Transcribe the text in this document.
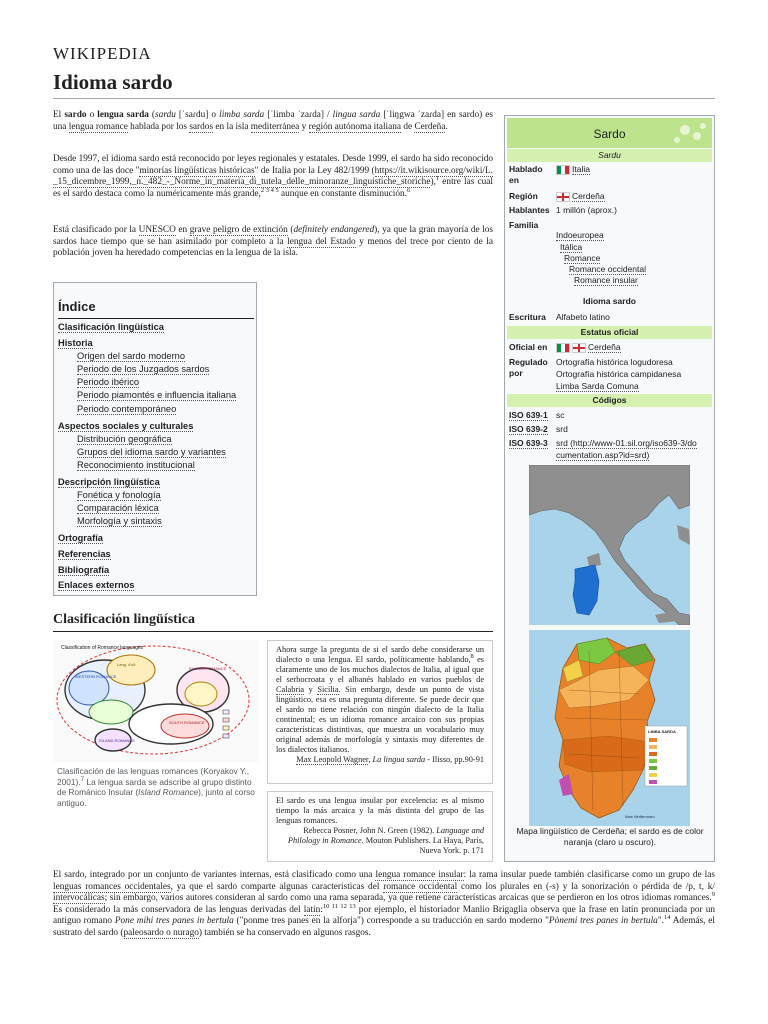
WIKIPEDIA
Idioma sardo
El sardo o lengua sarda (sardu [ˈsaɾdu] o limba sarda [ˈlimba ˈzaɾda] / lingua sarda [ˈliŋgwa ˈzaɾda] en sardo) es una lengua romance hablada por los sardos en la isla mediterránea y región autónoma italiana de Cerdeña.
Desde 1997, el idioma sardo está reconocido por leyes regionales y estatales. Desde 1999, el sardo ha sido reconocido como una de las doce "minorías lingüísticas históricas" de Italia por la Ley 482/1999 (https://it.wikisource.org/wiki/L._15_dicembre_1999,_n._482_-_Norme_in_materia_di_tutela_delle_minoranze_linguistiche_storiche),$^1$ entre las cuales el sardo destaca como la numéricamente más grande,$^{2 3 4 5}$ aunque en constante disminución.$^6$
Está clasificado por la UNESCO en grave peligro de extinción (definitely endangered), ya que la gran mayoría de los sardos hace tiempo que se han asimilado por completo a la lengua del Estado y menos del trece por ciento de la población joven ha heredado competencias en la lengua de la isla.
Índice
Clasificación lingüística
Historia
Origen del sardo moderno
Periodo de los Juzgados sardos
Periodo ibérico
Periodo piamontés e influencia italiana
Periodo contemporáneo
Aspectos sociales y culturales
Distribución geográfica
Grupos del idioma sardo y variantes
Reconocimiento institucional
Descripción lingüística
Fonética y fonología
Comparación léxica
Morfología y sintaxis
Ortografía
Referencias
Bibliografía
Enlaces externos
Clasificación lingüística
Classification of Romance languages
WESTERN ROMANCE
Lang. d'oïl
BALKAN ROMANCE
ISLAND ROMANCE
SOUTH ROMANCE
Clasificación de las lenguas romances (Koryakov Y., 2001).$^7$ La lengua sarda se adscribe al grupo distinto de Románico Insular (Island Romance), junto al corso antiguo.

Ahora surge la pregunta de si el sardo debe considerarse un dialecto o una lengua. El sardo, políticamente hablando,$^8$ es claramente uno de los muchos dialectos de Italia, al igual que el serbocroata y el albanés hablado en varios pueblos de Calabria y Sicilia. Sin embargo, desde un punto de vista lingüístico, esa es una pregunta diferente. Se puede decir que el sardo no tiene relación con ningún dialecto de la Italia continental; es un idioma romance arcaico con sus propias características distintivas, que muestra un vocabulario muy original además de morfología y sintaxis muy diferentes de los dialectos italianos.

Max Leopold Wagner, La lingua sarda - Ilisso, pp.90-91

El sardo es una lengua insular por excelencia: es al mismo tiempo la más arcaica y la más distinta del grupo de las lenguas romances.

Rebecca Posner, John N. Green (1982). Language and Philology in Romance. Mouton Publishers. La Haya, París, Nueva York. p. 171

El sardo, integrado por un conjunto de variantes internas, está clasificado como una lengua romance insular: la rama insular puede también clasificarse como un grupo de las lenguas romances occidentales, ya que el sardo comparte algunas características del romance occidental como los plurales en (-s) y la sonorización o pérdida de /p, t, k/ intervocálicas; sin embargo, varios autores consideran al sardo como una rama separada, ya que retiene características arcaicas que se perdieron en los otros idiomas romances.$^9$ Es considerado la más conservadora de las lenguas derivadas del latín:$^{10 11 12 13}$ por ejemplo, el historiador Manlio Brigaglia observa que la frase en latín pronunciada por un antiguo romano Pone mihi tres panes in bertula ("ponme tres panes en la alforja") corresponde a su traducción en sardo moderno "Pònemi tres panes in bertula".$^{14}$ Además, el sustrato del sardo (paleosardo o nurago) también se ha conservado en algunos rasgos.
Sardo
Sardu
Hablado en
Italia
Región	Cerdeña
Hablantes 1 millón (aprox.)
Familia
Indoeuropea
Itálica
Romance
Romance occidental
Romance insular
Idioma sardo
Escritura Alfabeto latino
Estatus oficial
Oficial en	Cerdeña
Regulado por
Ortografía histórica logudoresa
Ortografía histórica campidanesa
Limba Sarda Comuna
Códigos
ISO 639-1 sc
ISO 639-2 srd
ISO 639-3 srd (http://www-01.sil.org/iso639-3/do
cumentation.asp?id=srd)
LIMBA SARDA
Mare Mediterraneu
Mapa lingüístico de Cerdeña; el sardo es de color naranja (claro u oscuro).
